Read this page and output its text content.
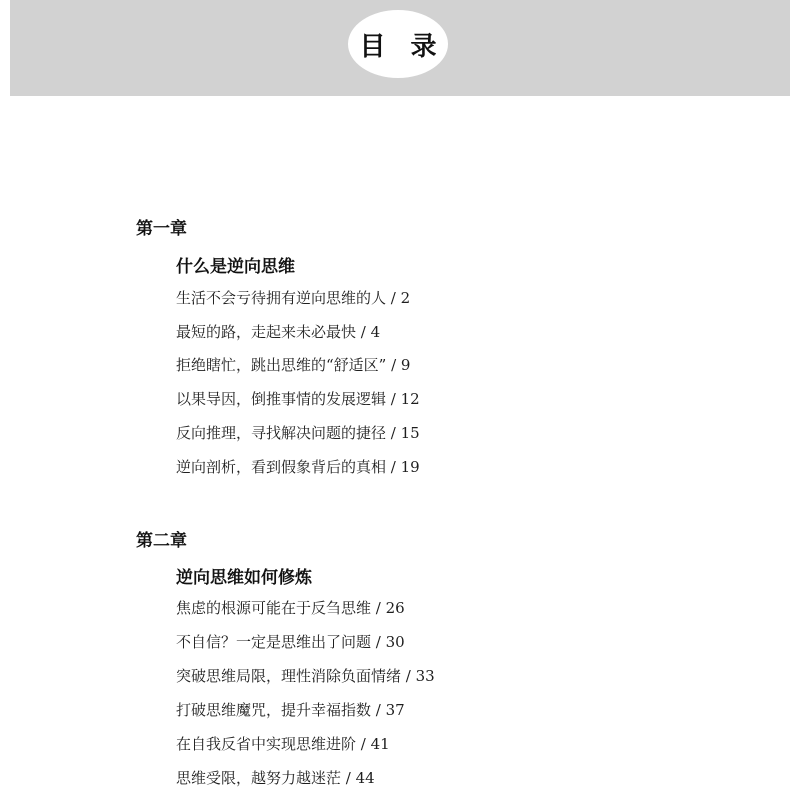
目 录
第一章
什么是逆向思维
生活不会亏待拥有逆向思维的人 / 2
最短的路，走起来未必最快 / 4
拒绝瞎忙，跳出思维的“舒适区” / 9
以果导因，倒推事情的发展逻辑 / 12
反向推理，寻找解决问题的捷径 / 15
逆向剖析，看到假象背后的真相 / 19
第二章
逆向思维如何修炼
焦虑的根源可能在于反刍思维 / 26
不自信？一定是思维出了问题 / 30
突破思维局限，理性消除负面情绪 / 33
打破思维魔咒，提升幸福指数 / 37
在自我反省中实现思维进阶 / 41
思维受限，越努力越迷茫 / 44
